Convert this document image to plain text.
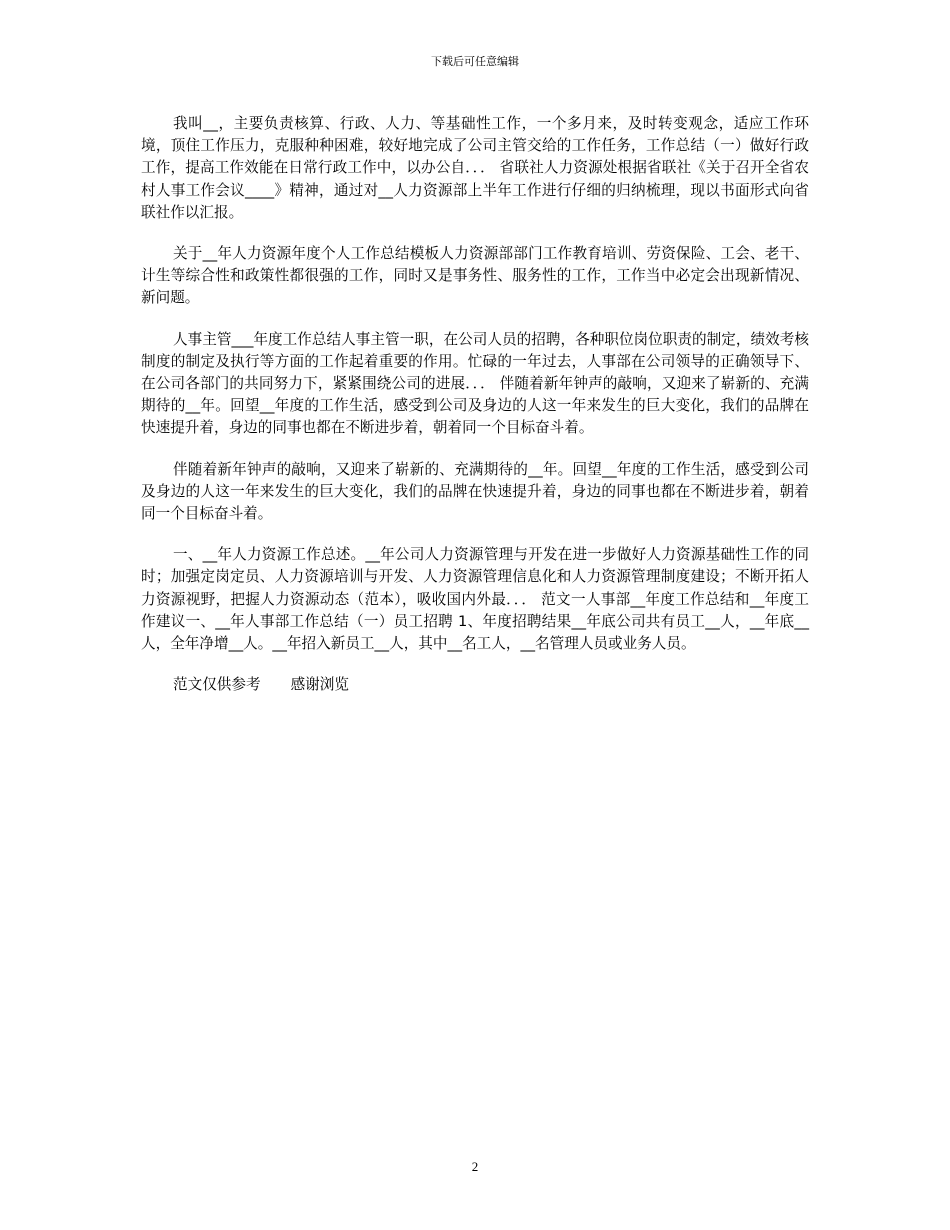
下载后可任意编辑

我叫__，主要负责核算、行政、人力、等基础性工作，一个多月来，及时转变观念，适应工作环境，顶住工作压力，克服种种困难，较好地完成了公司主管交给的工作任务，工作总结（一）做好行政工作，提高工作效能在日常行政工作中，以办公自．．． 省联社人力资源处根据省联社《关于召开全省农村人事工作会议____》精神，通过对__人力资源部上半年工作进行仔细的归纳梳理，现以书面形式向省联社作以汇报。

关于__年人力资源年度个人工作总结模板人力资源部部门工作教育培训、劳资保险、工会、老干、计生等综合性和政策性都很强的工作，同时又是事务性、服务性的工作，工作当中必定会出现新情况、新问题。

人事主管___年度工作总结人事主管一职，在公司人员的招聘，各种职位岗位职责的制定，绩效考核制度的制定及执行等方面的工作起着重要的作用。忙碌的一年过去，人事部在公司领导的正确领导下、在公司各部门的共同努力下，紧紧围绕公司的进展．．． 伴随着新年钟声的敲响，又迎来了崭新的、充满期待的__年。回望__年度的工作生活，感受到公司及身边的人这一年来发生的巨大变化，我们的品牌在快速提升着，身边的同事也都在不断进步着，朝着同一个目标奋斗着。

伴随着新年钟声的敲响，又迎来了崭新的、充满期待的__年。回望__年度的工作生活，感受到公司及身边的人这一年来发生的巨大变化，我们的品牌在快速提升着，身边的同事也都在不断进步着，朝着同一个目标奋斗着。

一、__年人力资源工作总述。__年公司人力资源管理与开发在进一步做好人力资源基础性工作的同时；加强定岗定员、人力资源培训与开发、人力资源管理信息化和人力资源管理制度建设；不断开拓人力资源视野，把握人力资源动态（范本），吸收国内外最．．． 范文一人事部__年度工作总结和__年度工作建议一、__年人事部工作总结（一）员工招聘 1、年度招聘结果__年底公司共有员工__人，__年底__人，全年净增__人。__年招入新员工__人，其中__名工人，__名管理人员或业务人员。

范文仅供参考 感谢浏览

2
